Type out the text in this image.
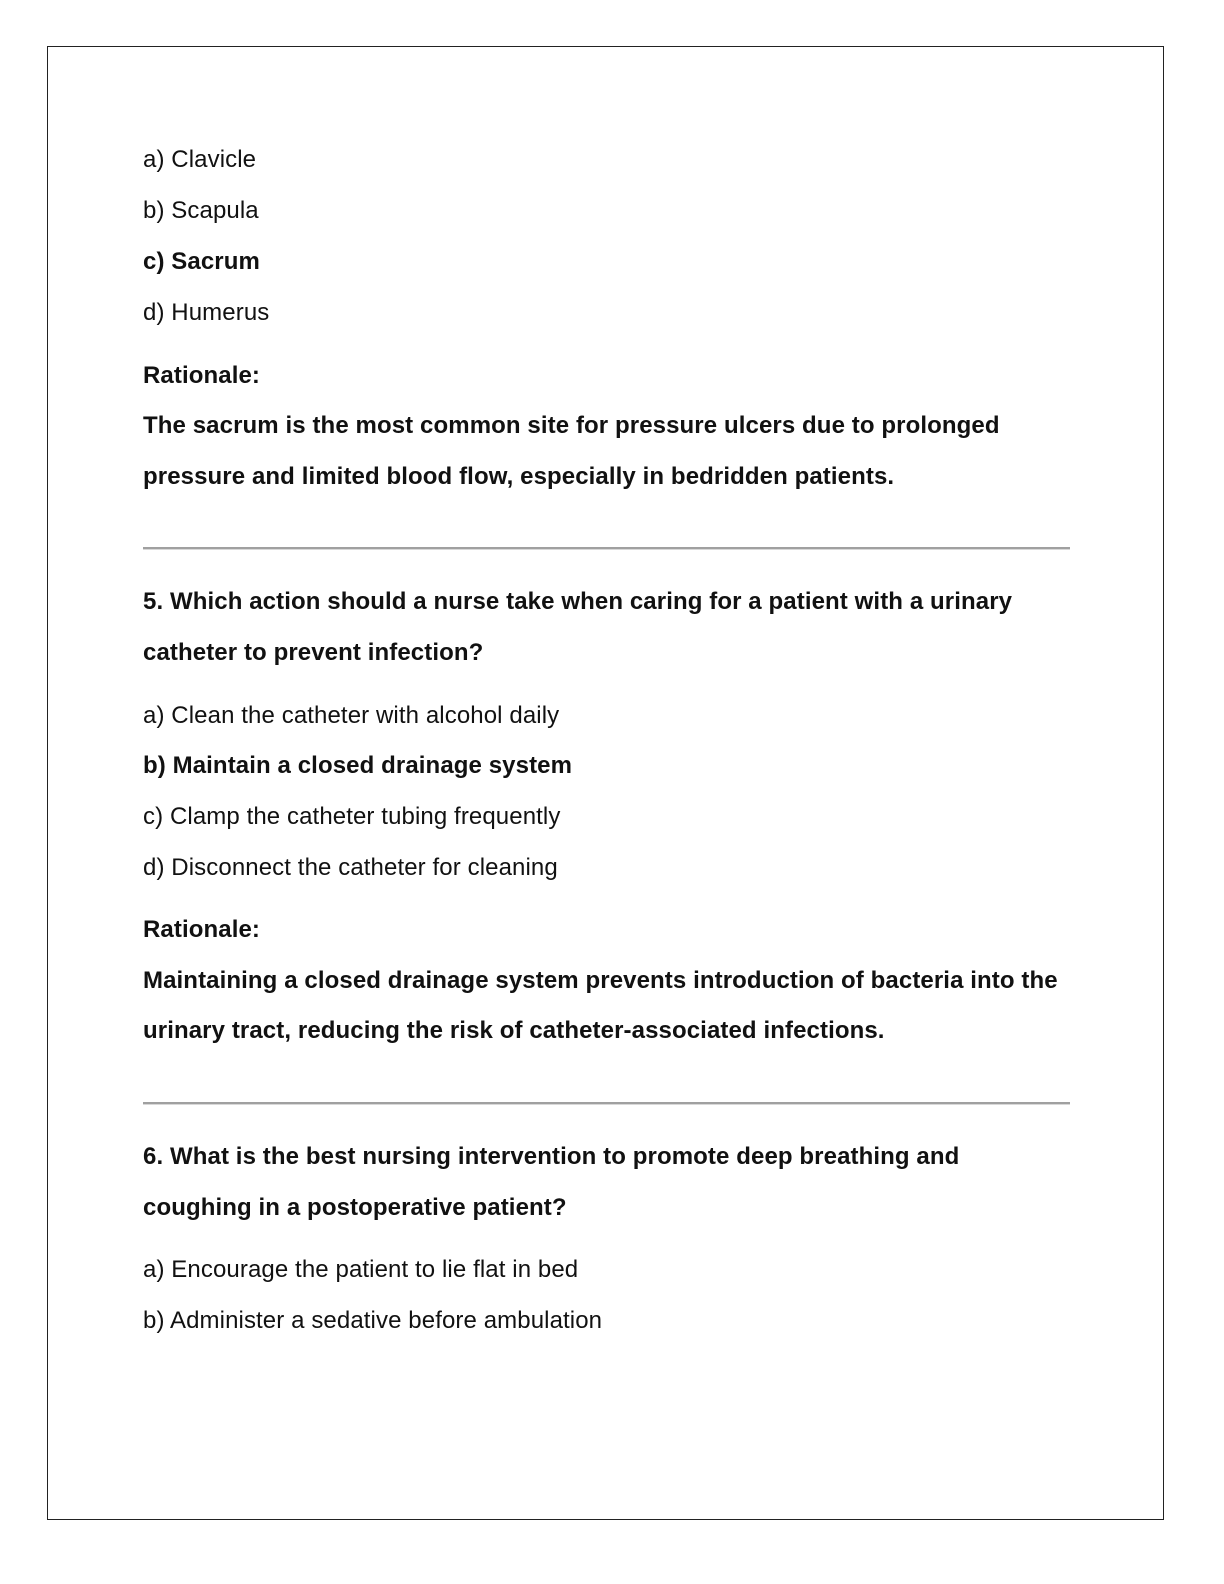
a) Clavicle
b) Scapula
c) Sacrum
d) Humerus
Rationale:
The sacrum is the most common site for pressure ulcers due to prolonged
pressure and limited blood flow, especially in bedridden patients.
5. Which action should a nurse take when caring for a patient with a urinary
catheter to prevent infection?
a) Clean the catheter with alcohol daily
b) Maintain a closed drainage system
c) Clamp the catheter tubing frequently
d) Disconnect the catheter for cleaning
Rationale:
Maintaining a closed drainage system prevents introduction of bacteria into the
urinary tract, reducing the risk of catheter-associated infections.
6. What is the best nursing intervention to promote deep breathing and
coughing in a postoperative patient?
a) Encourage the patient to lie flat in bed
b) Administer a sedative before ambulation
